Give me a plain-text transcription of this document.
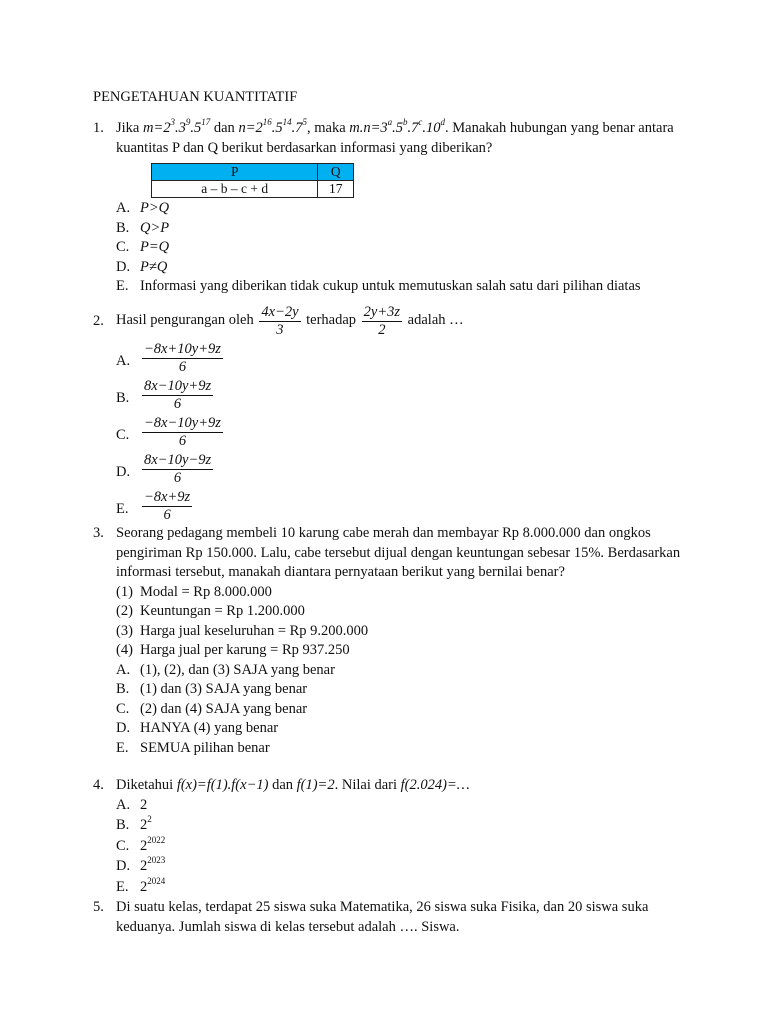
PENGETAHUAN KUANTITATIF
1. Jika $m=2^3.3^9.5^{17}$ dan $n=2^{16}.5^{14}.7^5$, maka $m.n=3^a.5^b.7^c.10^d$. Manakah hubungan yang benar antara kuantitas P dan Q berikut berdasarkan informasi yang diberikan?
P	Q
a – b – c + d	17
A. P>Q
B. Q>P
C. P=Q
D. P≠Q
E. Informasi yang diberikan tidak cukup untuk memutuskan salah satu dari pilihan diatas
2. Hasil pengurangan oleh
$\frac{4x-2y}{3}$
terhadap
$\frac{2y+3z}{2}$
adalah …
A. $\frac{-8x+10y+9z}{6}$
B. $\frac{8x-10y+9z}{6}$
C. $\frac{-8x-10y+9z}{6}$
D. $\frac{8x-10y-9z}{6}$
E. $\frac{-8x+9z}{6}$
3. Seorang pedagang membeli 10 karung cabe merah dan membayar Rp 8.000.000 dan ongkos pengiriman Rp 150.000. Lalu, cabe tersebut dijual dengan keuntungan sebesar 15%. Berdasarkan informasi tersebut, manakah diantara pernyataan berikut yang bernilai benar?
(1) Modal = Rp 8.000.000
(2) Keuntungan = Rp 1.200.000
(3) Harga jual keseluruhan = Rp 9.200.000
(4) Harga jual per karung = Rp 937.250
A. (1), (2), dan (3) SAJA yang benar
B. (1) dan (3) SAJA yang benar
C. (2) dan (4) SAJA yang benar
D. HANYA (4) yang benar
E. SEMUA pilihan benar
4. Diketahui f(x)=f(1).f(x−1) dan f(1)=2. Nilai dari f(2.024)=…
A. 2
B. $2^2$
C. $2^{2022}$
D. $2^{2023}$
E. $2^{2024}$
5. Di suatu kelas, terdapat 25 siswa suka Matematika, 26 siswa suka Fisika, dan 20 siswa suka keduanya. Jumlah siswa di kelas tersebut adalah …. Siswa.
